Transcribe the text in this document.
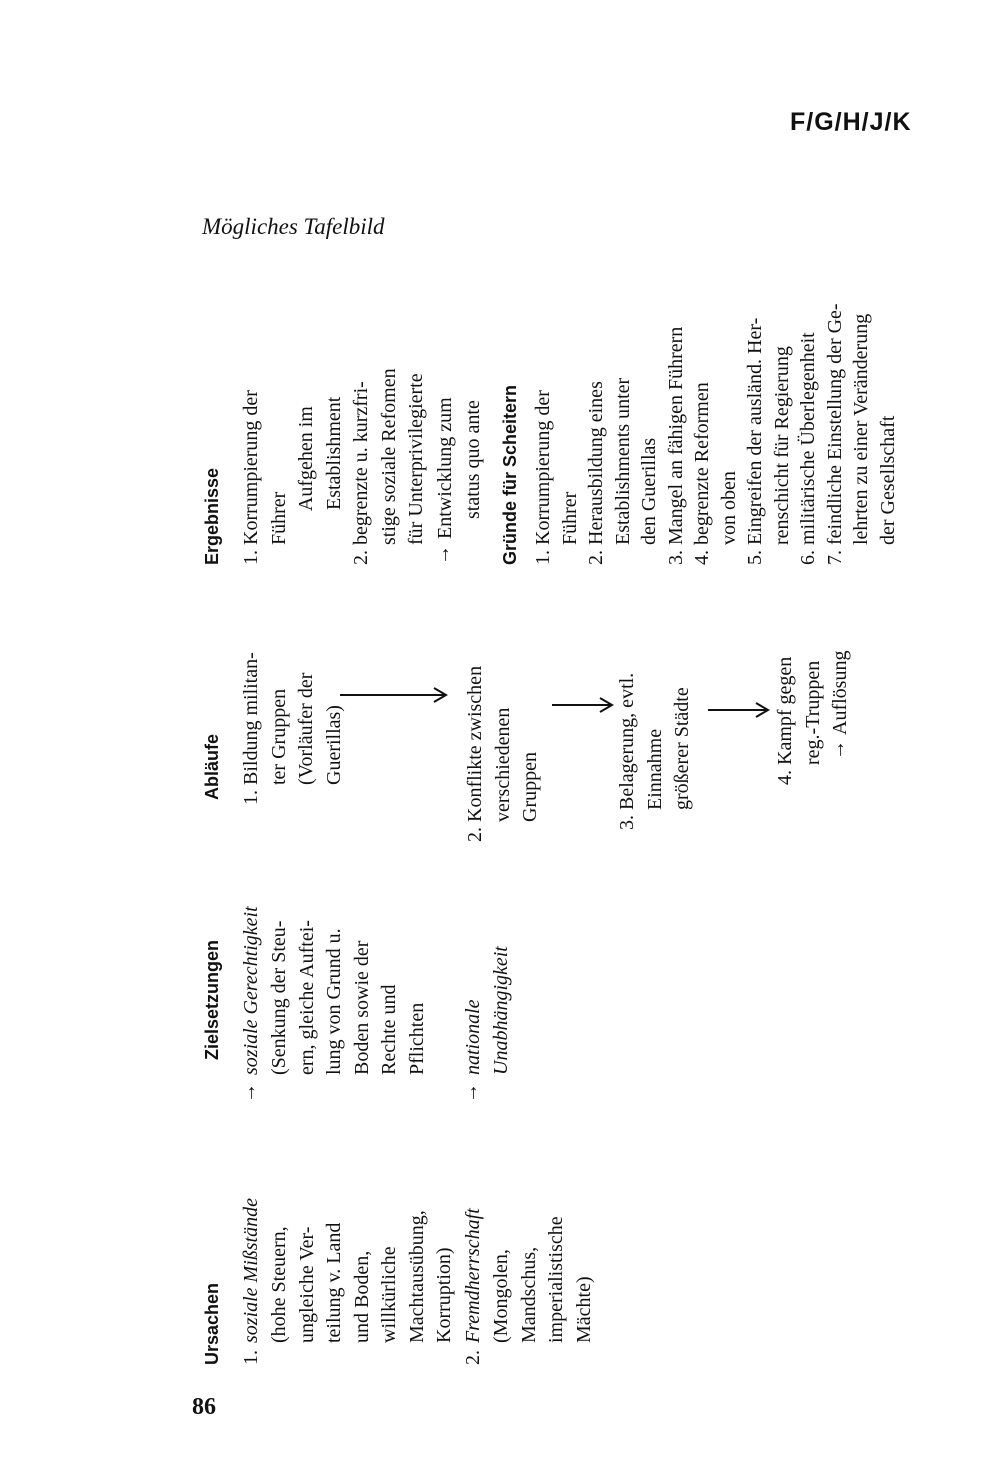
F/G/H/J/K
Mögliches Tafelbild
86
Ursachen
Zielsetzungen
Abläufe
Ergebnisse	Gründe für Scheitern
1.
soziale Mißstände (hohe Steuern,
ungleiche Ver-
teilung v. Land
und Boden,
willkürliche
Machtausübung,
Korruption)
→
2.
Fremdherrschaft (Mongolen,
Mandschus,
imperialistische
Mächte)
→
soziale Gerechtigkeit (Senkung der Steu-
ern, gleiche Auftei-
lung von Grund u.
Boden sowie der
Rechte und
Pflichten nationale
Unabhängigkeit
1. Bildung militan-
ter Gruppen
(Vorläufer der
Guerillas)
2. Konflikte zwischen
verschiedenen
Gruppen
3. Belagerung, evtl.
Einnahme
größerer Städte
4. Kampf gegen
reg.-Truppen →
Auflösung
1. Korrumpierung der
Führer
Aufgehen im
Establishment
2. begrenzte u. kurzfri-
stige soziale Refomen
für Unterprivilegierte
→
Entwicklung zum
status quo ante
1. Korrumpierung der
Führer
2. Herausbildung eines
Establishments unter
den Guerillas
3. Mangel an fähigen Führern
4. begrenzte Reformen
von oben
5. Eingreifen der ausländ. Her-
renschicht für Regierung
6. militärische Überlegenheit
7. feindliche Einstellung der Ge-
lehrten zu einer Veränderung
der Gesellschaft
